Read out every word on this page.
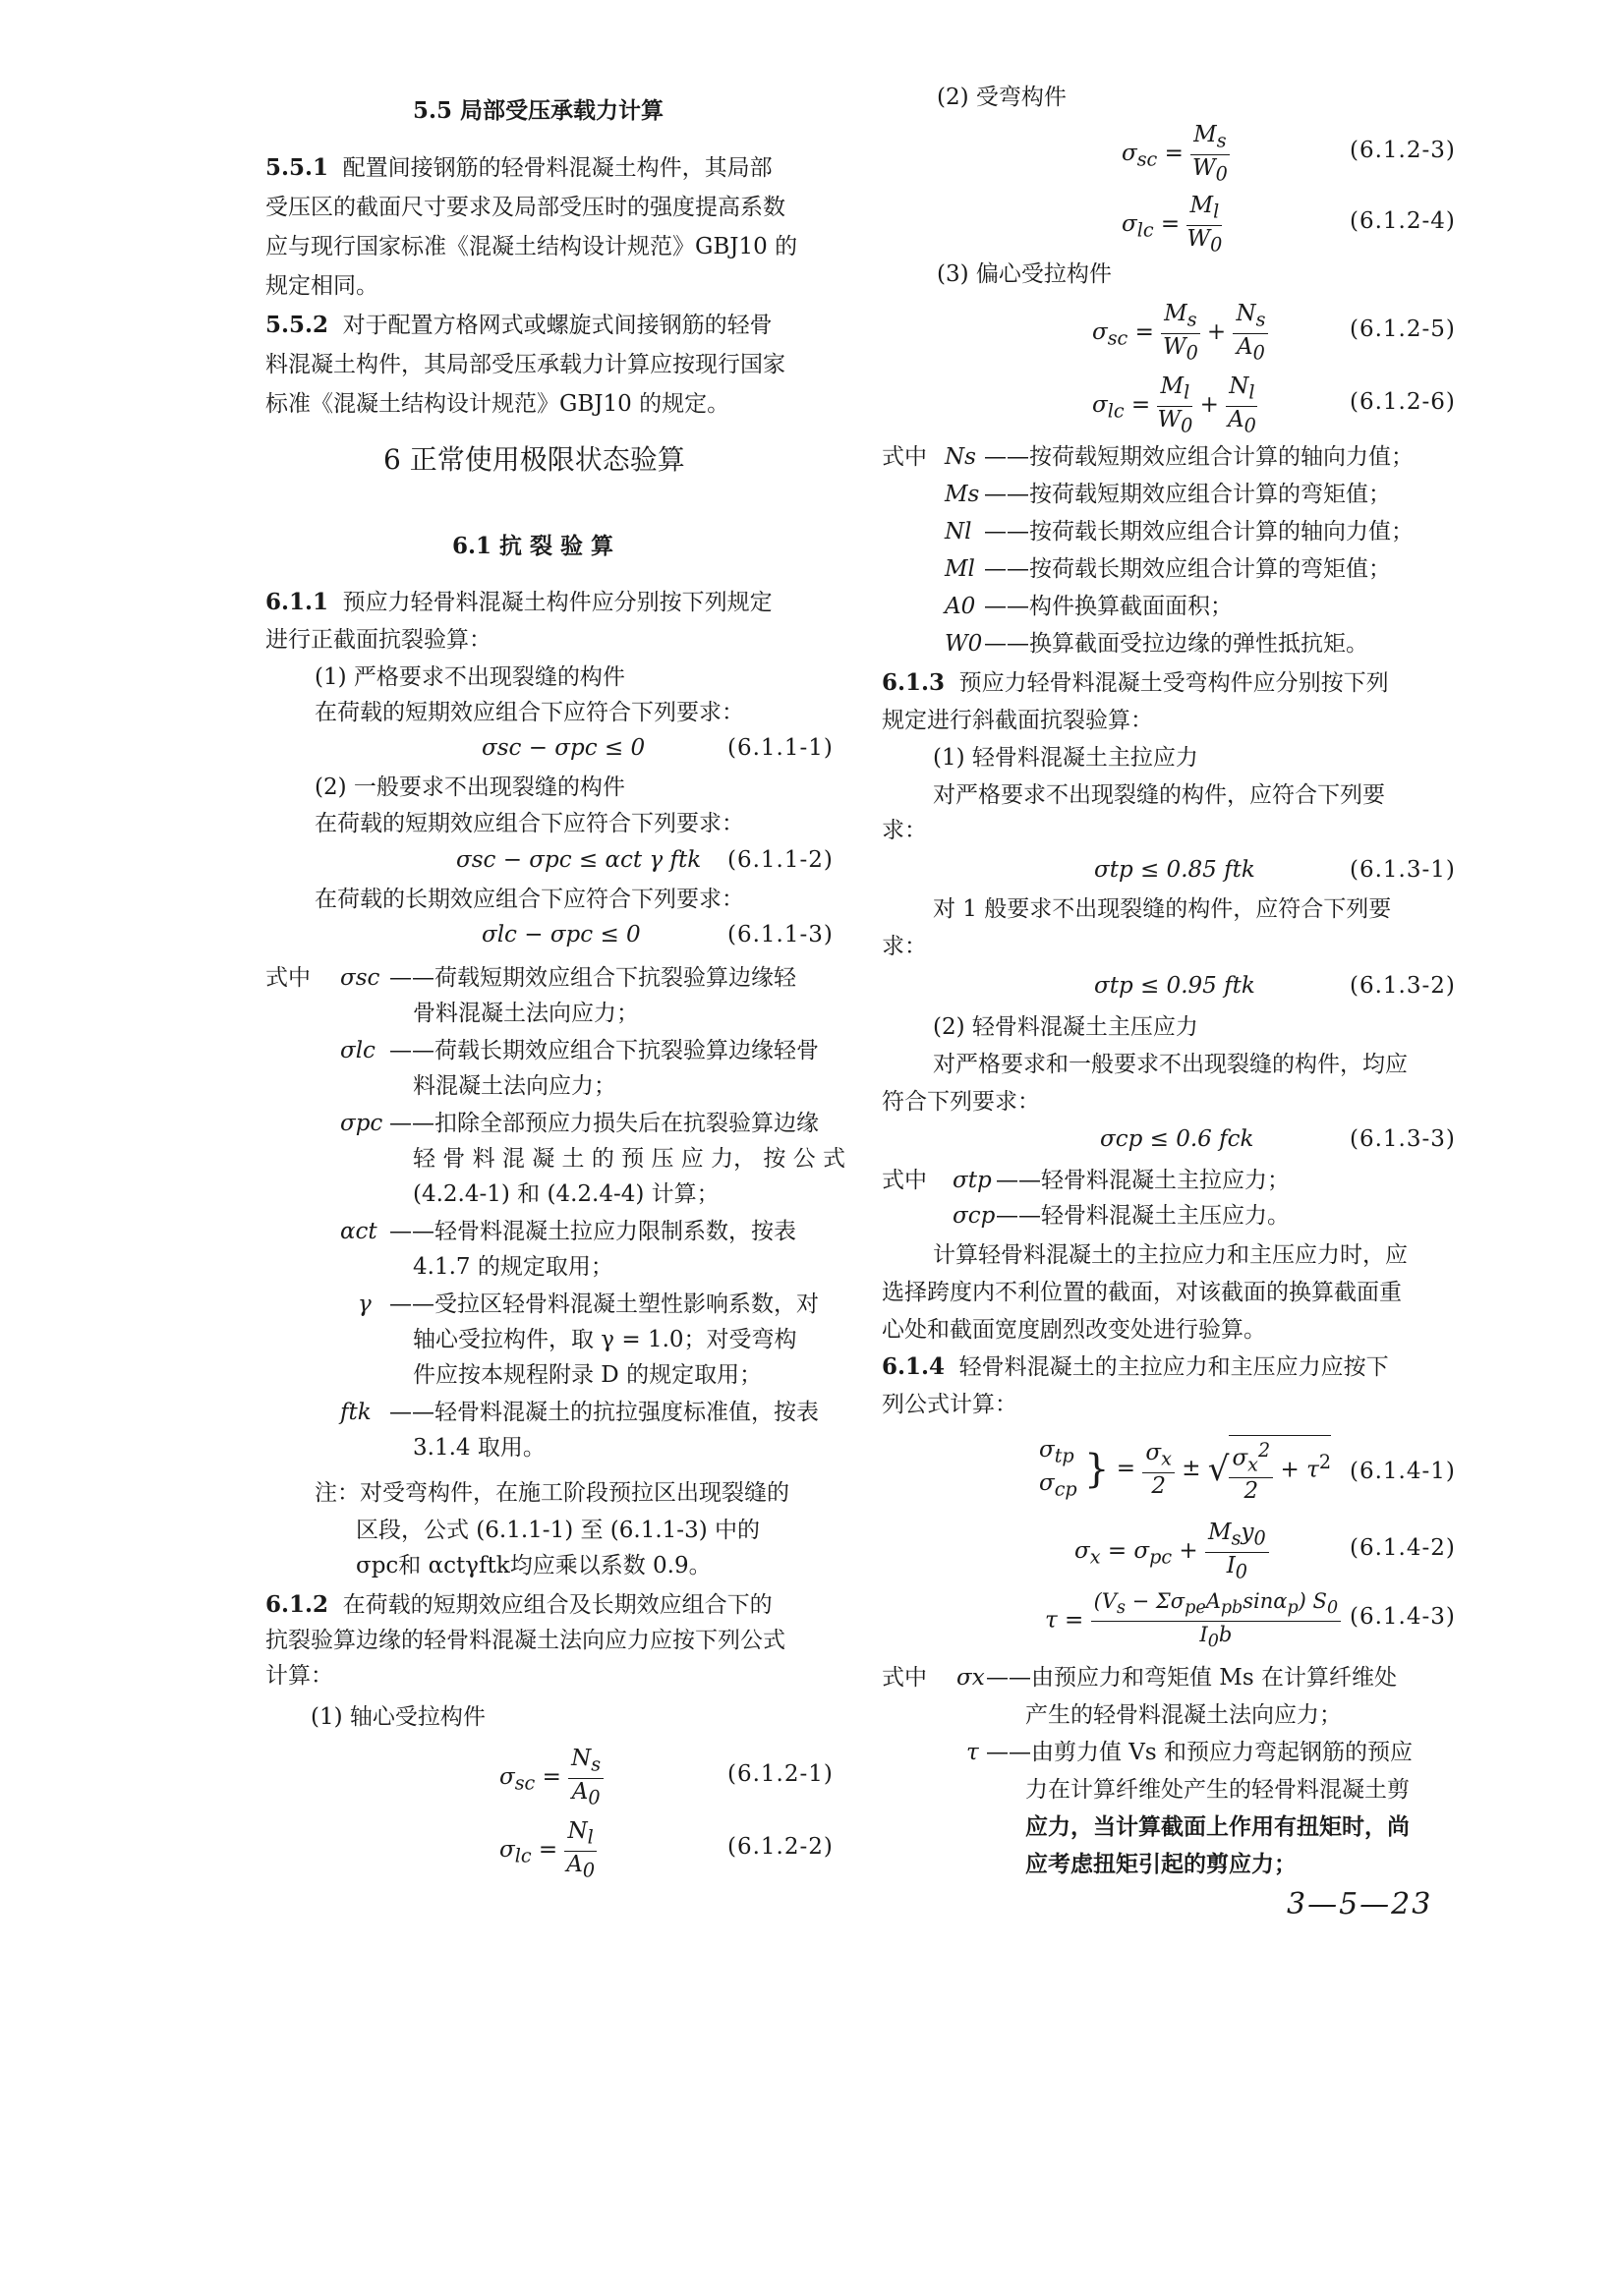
5.5 局部受压承载力计算
5.5.1 配置间接钢筋的轻骨料混凝土构件，其局部
受压区的截面尺寸要求及局部受压时的强度提高系数
应与现行国家标准《混凝土结构设计规范》GBJ10 的
规定相同。
5.5.2 对于配置方格网式或螺旋式间接钢筋的轻骨
料混凝土构件，其局部受压承载力计算应按现行国家
标准《混凝土结构设计规范》GBJ10 的规定。
6 正常使用极限状态验算
6.1 抗 裂 验 算
6.1.1 预应力轻骨料混凝土构件应分别按下列规定
进行正截面抗裂验算：
(1) 严格要求不出现裂缝的构件
在荷载的短期效应组合下应符合下列要求：
σsc − σpc ≤ 0	(6.1.1-1)
(2) 一般要求不出现裂缝的构件
在荷载的短期效应组合下应符合下列要求：
σsc − σpc ≤ αct γ ftk (6.1.1-2)
在荷载的长期效应组合下应符合下列要求：
σlc − σpc ≤ 0	(6.1.1-3)
式中 σsc ——荷载短期效应组合下抗裂验算边缘轻
骨料混凝土法向应力；
σlc ——荷载长期效应组合下抗裂验算边缘轻骨
料混凝土法向应力；
σpc ——扣除全部预应力损失后在抗裂验算边缘
轻 骨 料 混 凝 土 的 预 压 应 力， 按 公 式
(4.2.4-1) 和 (4.2.4-4) 计算；
αct ——轻骨料混凝土拉应力限制系数，按表
4.1.7 的规定取用；
γ ——受拉区轻骨料混凝土塑性影响系数，对
轴心受拉构件，取 γ = 1.0；对受弯构
件应按本规程附录 D 的规定取用；
ftk ——轻骨料混凝土的抗拉强度标准值，按表
3.1.4 取用。
注：对受弯构件，在施工阶段预拉区出现裂缝的
区段，公式 (6.1.1-1) 至 (6.1.1-3) 中的
σpc和 αctγftk均应乘以系数 0.9。
6.1.2 在荷载的短期效应组合及长期效应组合下的
抗裂验算边缘的轻骨料混凝土法向应力应按下列公式
计算：
(1) 轴心受拉构件
$\sigma_{sc} = \frac{N_s}{A_0}$	(6.1.2-1)
$\sigma_{lc} = \frac{N_l}{A_0}$	(6.1.2-2)
(2) 受弯构件
$\sigma_{sc} = \frac{M_s}{W_0}$	(6.1.2-3)
$\sigma_{lc} = \frac{M_l}{W_0}$	(6.1.2-4)
(3) 偏心受拉构件
$\sigma_{sc} = \frac{M_s}{W_0} + \frac{N_s}{A_0}$	(6.1.2-5)
$\sigma_{lc} = \frac{M_l}{W_0} + \frac{N_l}{A_0}$	(6.1.2-6)
式中 Ns ——按荷载短期效应组合计算的轴向力值；
Ms ——按荷载短期效应组合计算的弯矩值；
Nl ——按荷载长期效应组合计算的轴向力值；
Ml ——按荷载长期效应组合计算的弯矩值；
A0 ——构件换算截面面积；
W0 ——换算截面受拉边缘的弹性抵抗矩。
6.1.3 预应力轻骨料混凝土受弯构件应分别按下列
规定进行斜截面抗裂验算：
(1) 轻骨料混凝土主拉应力
对严格要求不出现裂缝的构件，应符合下列要
求：
σtp ≤ 0.85 ftk	(6.1.3-1)
对 1 般要求不出现裂缝的构件，应符合下列要
求：
σtp ≤ 0.95 ftk	(6.1.3-2)
(2) 轻骨料混凝土主压应力
对严格要求和一般要求不出现裂缝的构件，均应
符合下列要求：
σcp ≤ 0.6 fck	(6.1.3-3)
式中 σtp ——轻骨料混凝土主拉应力；
σcp ——轻骨料混凝土主压应力。
计算轻骨料混凝土的主拉应力和主压应力时，应
选择跨度内不利位置的截面，对该截面的换算截面重
心处和截面宽度剧烈改变处进行验算。
6.1.4 轻骨料混凝土的主拉应力和主压应力应按下
列公式计算：
$\sigma_{tp}$
$\sigma_{cp}$ } = $\frac{\sigma_x}{2}$ ± √ $\frac{\sigma_x^2}{2} + \tau^2$ (6.1.4-1)
$\sigma_x = \sigma_{pc} + \frac{M_sy_0}{I_0}$	(6.1.4-2)
$\tau = \frac{(V_s - \Sigma\sigma_{pe}A_{pb}\sin\alpha_p) S_0}{I_0b} (6.1.4-3)$
式中 σx ——由预应力和弯矩值 Ms 在计算纤维处
产生的轻骨料混凝土法向应力；
τ ——由剪力值 Vs 和预应力弯起钢筋的预应
力在计算纤维处产生的轻骨料混凝土剪
应力，当计算截面上作用有扭矩时，尚
应考虑扭矩引起的剪应力；
3—5—23
